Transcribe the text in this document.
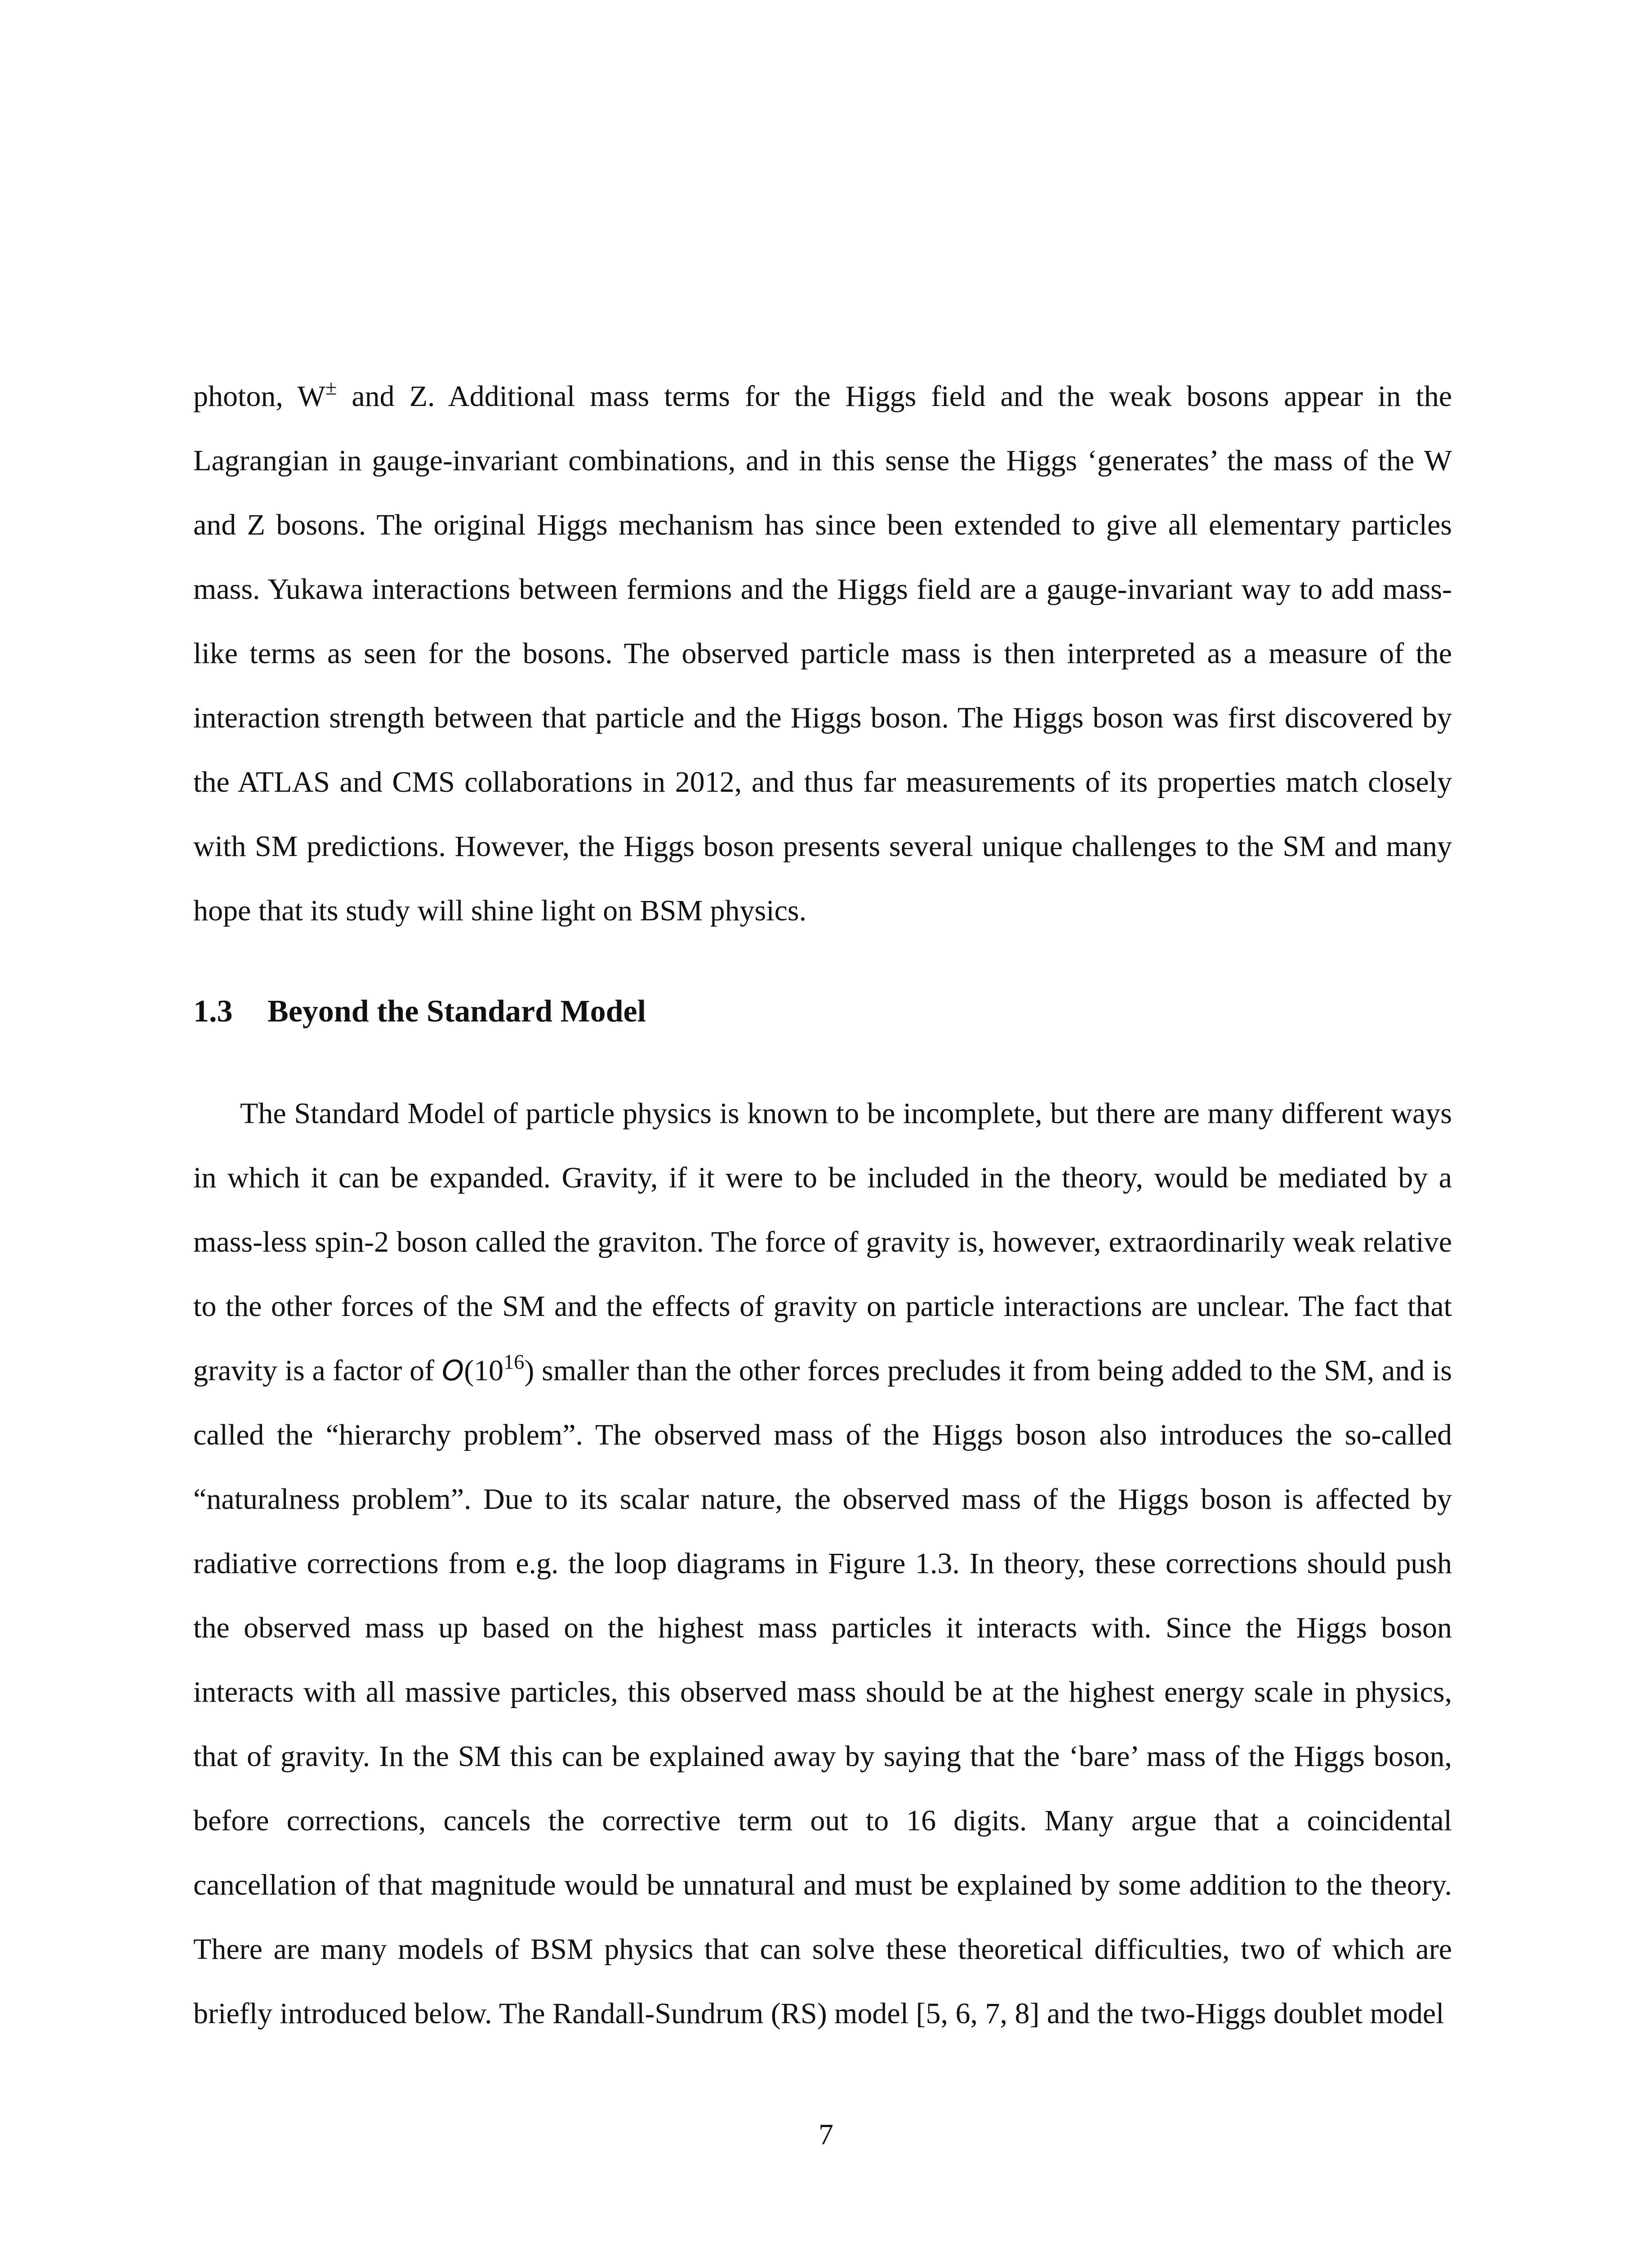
photon, W± and Z. Additional mass terms for the Higgs field and the weak bosons appear in the Lagrangian in gauge-invariant combinations, and in this sense the Higgs ‘generates’ the mass of the W and Z bosons. The original Higgs mechanism has since been extended to give all elementary particles mass. Yukawa interactions between fermions and the Higgs field are a gauge-invariant way to add mass-like terms as seen for the bosons. The observed particle mass is then interpreted as a measure of the interaction strength between that particle and the Higgs boson. The Higgs boson was first discovered by the ATLAS and CMS collaborations in 2012, and thus far measurements of its properties match closely with SM predictions. However, the Higgs boson presents several unique challenges to the SM and many hope that its study will shine light on BSM physics.

1.3 Beyond the Standard Model

The Standard Model of particle physics is known to be incomplete, but there are many different ways in which it can be expanded. Gravity, if it were to be included in the theory, would be mediated by a mass-less spin-2 boson called the graviton. The force of gravity is, however, extraordinarily weak relative to the other forces of the SM and the effects of gravity on particle interactions are unclear. The fact that gravity is a factor of $O(10^{16})$ smaller than the other forces precludes it from being added to the SM, and is called the “hierarchy problem”. The observed mass of the Higgs boson also introduces the so-called “naturalness problem”. Due to its scalar nature, the observed mass of the Higgs boson is affected by radiative corrections from e.g. the loop diagrams in Figure 1.3. In theory, these corrections should push the observed mass up based on the highest mass particles it interacts with. Since the Higgs boson interacts with all massive particles, this observed mass should be at the highest energy scale in physics, that of gravity. In the SM this can be explained away by saying that the ‘bare’ mass of the Higgs boson, before corrections, cancels the corrective term out to 16 digits. Many argue that a coincidental cancellation of that magnitude would be unnatural and must be explained by some addition to the theory. There are many models of BSM physics that can solve these theoretical difficulties, two of which are briefly introduced below. The Randall-Sundrum (RS) model [5, 6, 7, 8] and the two-Higgs doublet model

7
